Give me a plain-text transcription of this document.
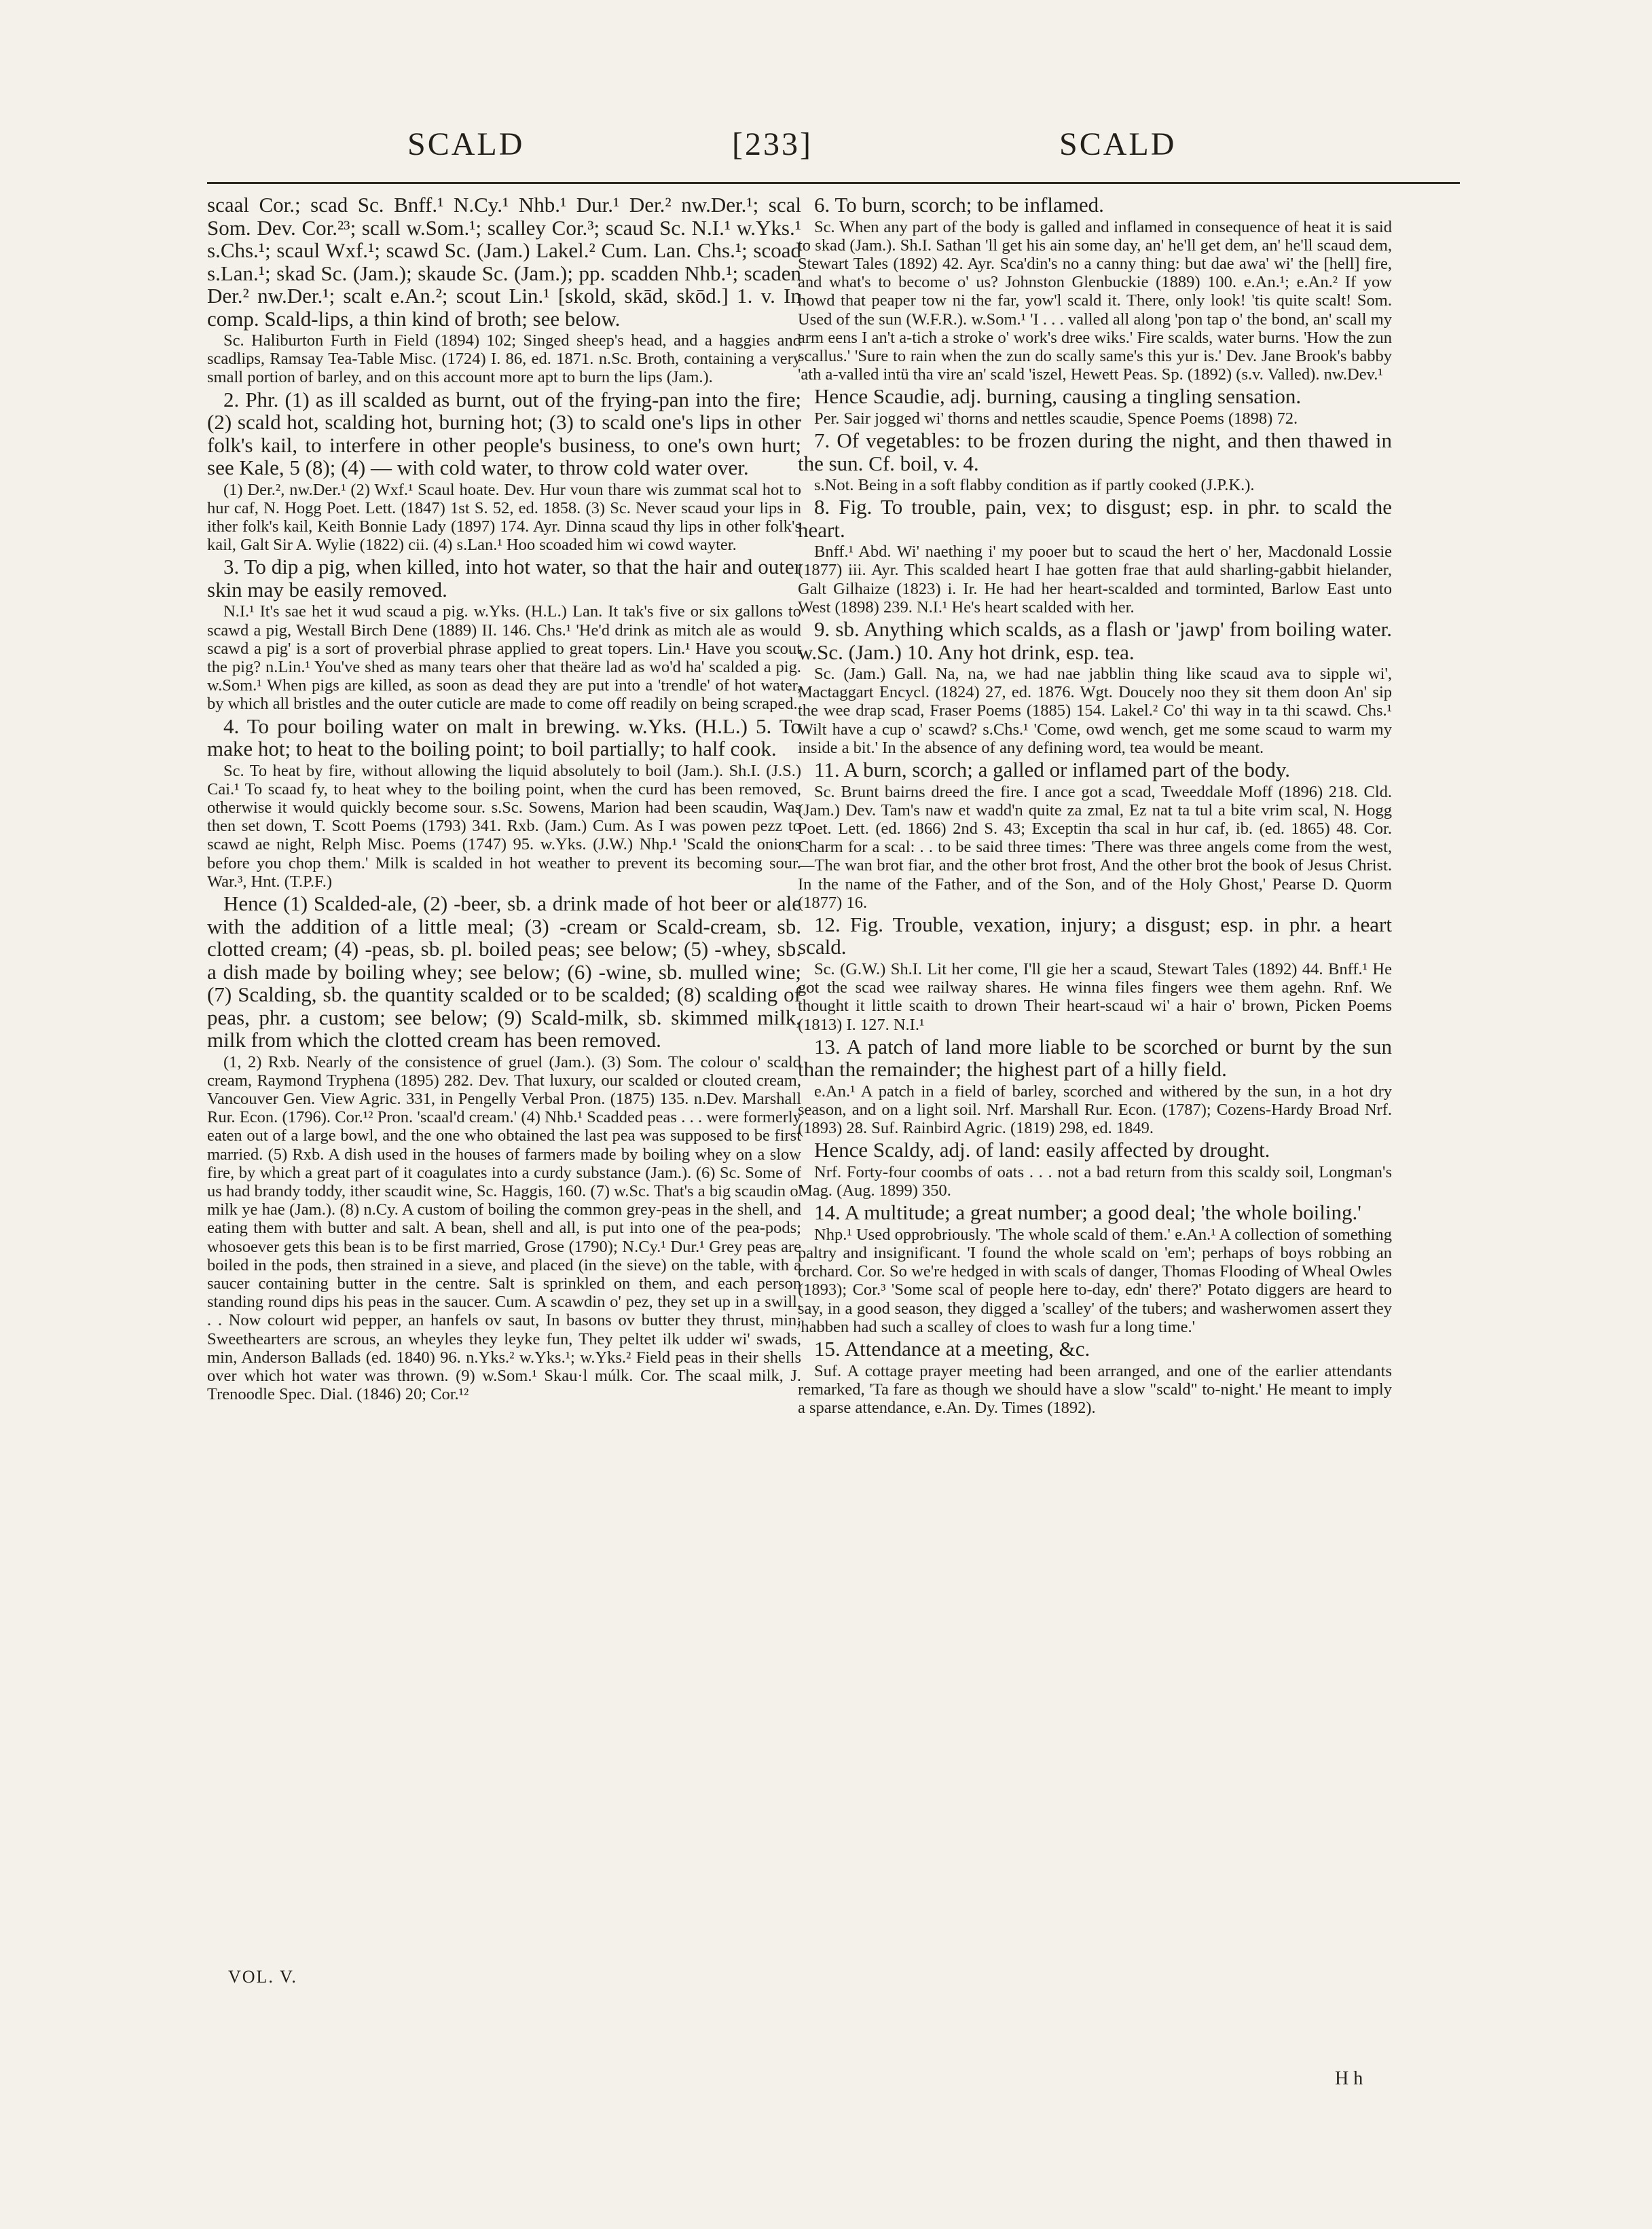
SCALD	[233]	SCALD

scaal Cor.; scad Sc. Bnff.¹ N.Cy.¹ Nhb.¹ Dur.¹ Der.² nw.Der.¹; scal Som. Dev. Cor.²³; scall w.Som.¹; scalley Cor.³; scaud Sc. N.I.¹ w.Yks.¹ s.Chs.¹; scaul Wxf.¹; scawd Sc. (Jam.) Lakel.² Cum. Lan. Chs.¹; scoad s.Lan.¹; skad Sc. (Jam.); skaude Sc. (Jam.); pp. scadden Nhb.¹; scaden Der.² nw.Der.¹; scalt e.An.²; scout Lin.¹ [skold, skād, skōd.] 1. v. In comp. Scald-lips, a thin kind of broth; see below.

Sc. Haliburton Furth in Field (1894) 102; Singed sheep's head, and a haggies and scadlips, Ramsay Tea-Table Misc. (1724) I. 86, ed. 1871. n.Sc. Broth, containing a very small portion of barley, and on this account more apt to burn the lips (Jam.).

2. Phr. (1) as ill scalded as burnt, out of the frying-pan into the fire; (2) scald hot, scalding hot, burning hot; (3) to scald one's lips in other folk's kail, to interfere in other people's business, to one's own hurt; see Kale, 5 (8); (4) — with cold water, to throw cold water over.

(1) Der.², nw.Der.¹ (2) Wxf.¹ Scaul hoate. Dev. Hur voun thare wis zummat scal hot to hur caf, N. Hogg Poet. Lett. (1847) 1st S. 52, ed. 1858. (3) Sc. Never scaud your lips in ither folk's kail, Keith Bonnie Lady (1897) 174. Ayr. Dinna scaud thy lips in other folk's kail, Galt Sir A. Wylie (1822) cii. (4) s.Lan.¹ Hoo scoaded him wi cowd wayter.

3. To dip a pig, when killed, into hot water, so that the hair and outer skin may be easily removed.

N.I.¹ It's sae het it wud scaud a pig. w.Yks. (H.L.) Lan. It tak's five or six gallons to scawd a pig, Westall Birch Dene (1889) II. 146. Chs.¹ 'He'd drink as mitch ale as would scawd a pig' is a sort of proverbial phrase applied to great topers. Lin.¹ Have you scout the pig? n.Lin.¹ You've shed as many tears oher that theäre lad as wo'd ha' scalded a pig. w.Som.¹ When pigs are killed, as soon as dead they are put into a 'trendle' of hot water, by which all bristles and the outer cuticle are made to come off readily on being scraped.

4. To pour boiling water on malt in brewing. w.Yks. (H.L.) 5. To make hot; to heat to the boiling point; to boil partially; to half cook.

Sc. To heat by fire, without allowing the liquid absolutely to boil (Jam.). Sh.I. (J.S.) Cai.¹ To scaad fy, to heat whey to the boiling point, when the curd has been removed, otherwise it would quickly become sour. s.Sc. Sowens, Marion had been scaudin, Was then set down, T. Scott Poems (1793) 341. Rxb. (Jam.) Cum. As I was powen pezz to scawd ae night, Relph Misc. Poems (1747) 95. w.Yks. (J.W.) Nhp.¹ 'Scald the onions before you chop them.' Milk is scalded in hot weather to prevent its becoming sour. War.³, Hnt. (T.P.F.)

Hence (1) Scalded-ale, (2) -beer, sb. a drink made of hot beer or ale with the addition of a little meal; (3) -cream or Scald-cream, sb. clotted cream; (4) -peas, sb. pl. boiled peas; see below; (5) -whey, sb. a dish made by boiling whey; see below; (6) -wine, sb. mulled wine; (7) Scalding, sb. the quantity scalded or to be scalded; (8) scalding of peas, phr. a custom; see below; (9) Scald-milk, sb. skimmed milk, milk from which the clotted cream has been removed.

(1, 2) Rxb. Nearly of the consistence of gruel (Jam.). (3) Som. The colour o' scald cream, Raymond Tryphena (1895) 282. Dev. That luxury, our scalded or clouted cream, Vancouver Gen. View Agric. 331, in Pengelly Verbal Pron. (1875) 135. n.Dev. Marshall Rur. Econ. (1796). Cor.¹² Pron. 'scaal'd cream.' (4) Nhb.¹ Scadded peas . . . were formerly eaten out of a large bowl, and the one who obtained the last pea was supposed to be first married. (5) Rxb. A dish used in the houses of farmers made by boiling whey on a slow fire, by which a great part of it coagulates into a curdy substance (Jam.). (6) Sc. Some of us had brandy toddy, ither scaudit wine, Sc. Haggis, 160. (7) w.Sc. That's a big scaudin o' milk ye hae (Jam.). (8) n.Cy. A custom of boiling the common grey-peas in the shell, and eating them with butter and salt. A bean, shell and all, is put into one of the pea-pods; whosoever gets this bean is to be first married, Grose (1790); N.Cy.¹ Dur.¹ Grey peas are boiled in the pods, then strained in a sieve, and placed (in the sieve) on the table, with a saucer containing butter in the centre. Salt is sprinkled on them, and each person standing round dips his peas in the saucer. Cum. A scawdin o' pez, they set up in a swill, . . Now colourt wid pepper, an hanfels ov saut, In basons ov butter they thrust, min; Sweethearters are scrous, an wheyles they leyke fun, They peltet ilk udder wi' swads, min, Anderson Ballads (ed. 1840) 96. n.Yks.² w.Yks.¹; w.Yks.² Field peas in their shells over which hot water was thrown. (9) w.Som.¹ Skau·l múlk. Cor. The scaal milk, J. Trenoodle Spec. Dial. (1846) 20; Cor.¹²

6. To burn, scorch; to be inflamed.

Sc. When any part of the body is galled and inflamed in consequence of heat it is said to skad (Jam.). Sh.I. Sathan 'll get his ain some day, an' he'll get dem, an' he'll scaud dem, Stewart Tales (1892) 42. Ayr. Sca'din's no a canny thing: but dae awa' wi' the [hell] fire, and what's to become o' us? Johnston Glenbuckie (1889) 100. e.An.¹; e.An.² If yow howd that peaper tow ni the far, yow'l scald it. There, only look! 'tis quite scalt! Som. Used of the sun (W.F.R.). w.Som.¹ 'I . . . valled all along 'pon tap o' the bond, an' scall my arm eens I an't a-tich a stroke o' work's dree wiks.' Fire scalds, water burns. 'How the zun scallus.' 'Sure to rain when the zun do scally same's this yur is.' Dev. Jane Brook's babby 'ath a-valled intü tha vire an' scald 'iszel, Hewett Peas. Sp. (1892) (s.v. Valled). nw.Dev.¹

Hence Scaudie, adj. burning, causing a tingling sensation.

Per. Sair jogged wi' thorns and nettles scaudie, Spence Poems (1898) 72.

7. Of vegetables: to be frozen during the night, and then thawed in the sun. Cf. boil, v. 4.

s.Not. Being in a soft flabby condition as if partly cooked (J.P.K.).

8. Fig. To trouble, pain, vex; to disgust; esp. in phr. to scald the heart.

Bnff.¹ Abd. Wi' naething i' my pooer but to scaud the hert o' her, Macdonald Lossie (1877) iii. Ayr. This scalded heart I hae gotten frae that auld sharling-gabbit hielander, Galt Gilhaize (1823) i. Ir. He had her heart-scalded and torminted, Barlow East unto West (1898) 239. N.I.¹ He's heart scalded with her.

9. sb. Anything which scalds, as a flash or 'jawp' from boiling water. w.Sc. (Jam.) 10. Any hot drink, esp. tea.

Sc. (Jam.) Gall. Na, na, we had nae jabblin thing like scaud ava to sipple wi', Mactaggart Encycl. (1824) 27, ed. 1876. Wgt. Doucely noo they sit them doon An' sip the wee drap scad, Fraser Poems (1885) 154. Lakel.² Co' thi way in ta thi scawd. Chs.¹ Wilt have a cup o' scawd? s.Chs.¹ 'Come, owd wench, get me some scaud to warm my inside a bit.' In the absence of any defining word, tea would be meant.

11. A burn, scorch; a galled or inflamed part of the body.

Sc. Brunt bairns dreed the fire. I ance got a scad, Tweeddale Moff (1896) 218. Cld. (Jam.) Dev. Tam's naw et wadd'n quite za zmal, Ez nat ta tul a bite vrim scal, N. Hogg Poet. Lett. (ed. 1866) 2nd S. 43; Exceptin tha scal in hur caf, ib. (ed. 1865) 48. Cor. Charm for a scal: . . to be said three times: 'There was three angels come from the west,—The wan brot fiar, and the other brot frost, And the other brot the book of Jesus Christ. In the name of the Father, and of the Son, and of the Holy Ghost,' Pearse D. Quorm (1877) 16.

12. Fig. Trouble, vexation, injury; a disgust; esp. in phr. a heart scald.

Sc. (G.W.) Sh.I. Lit her come, I'll gie her a scaud, Stewart Tales (1892) 44. Bnff.¹ He got the scad wee railway shares. He winna files fingers wee them agehn. Rnf. We thought it little scaith to drown Their heart-scaud wi' a hair o' brown, Picken Poems (1813) I. 127. N.I.¹

13. A patch of land more liable to be scorched or burnt by the sun than the remainder; the highest part of a hilly field.

e.An.¹ A patch in a field of barley, scorched and withered by the sun, in a hot dry season, and on a light soil. Nrf. Marshall Rur. Econ. (1787); Cozens-Hardy Broad Nrf. (1893) 28. Suf. Rainbird Agric. (1819) 298, ed. 1849.

Hence Scaldy, adj. of land: easily affected by drought.

Nrf. Forty-four coombs of oats . . . not a bad return from this scaldy soil, Longman's Mag. (Aug. 1899) 350.

14. A multitude; a great number; a good deal; 'the whole boiling.'

Nhp.¹ Used opprobriously. 'The whole scald of them.' e.An.¹ A collection of something paltry and insignificant. 'I found the whole scald on 'em'; perhaps of boys robbing an orchard. Cor. So we're hedged in with scals of danger, Thomas Flooding of Wheal Owles (1893); Cor.³ 'Some scal of people here to-day, edn' there?' Potato diggers are heard to say, in a good season, they digged a 'scalley' of the tubers; and washerwomen assert they 'habben had such a scalley of cloes to wash fur a long time.'

15. Attendance at a meeting, &c.

Suf. A cottage prayer meeting had been arranged, and one of the earlier attendants remarked, 'Ta fare as though we should have a slow "scald" to-night.' He meant to imply a sparse attendance, e.An. Dy. Times (1892).

VOL. V.
H h
